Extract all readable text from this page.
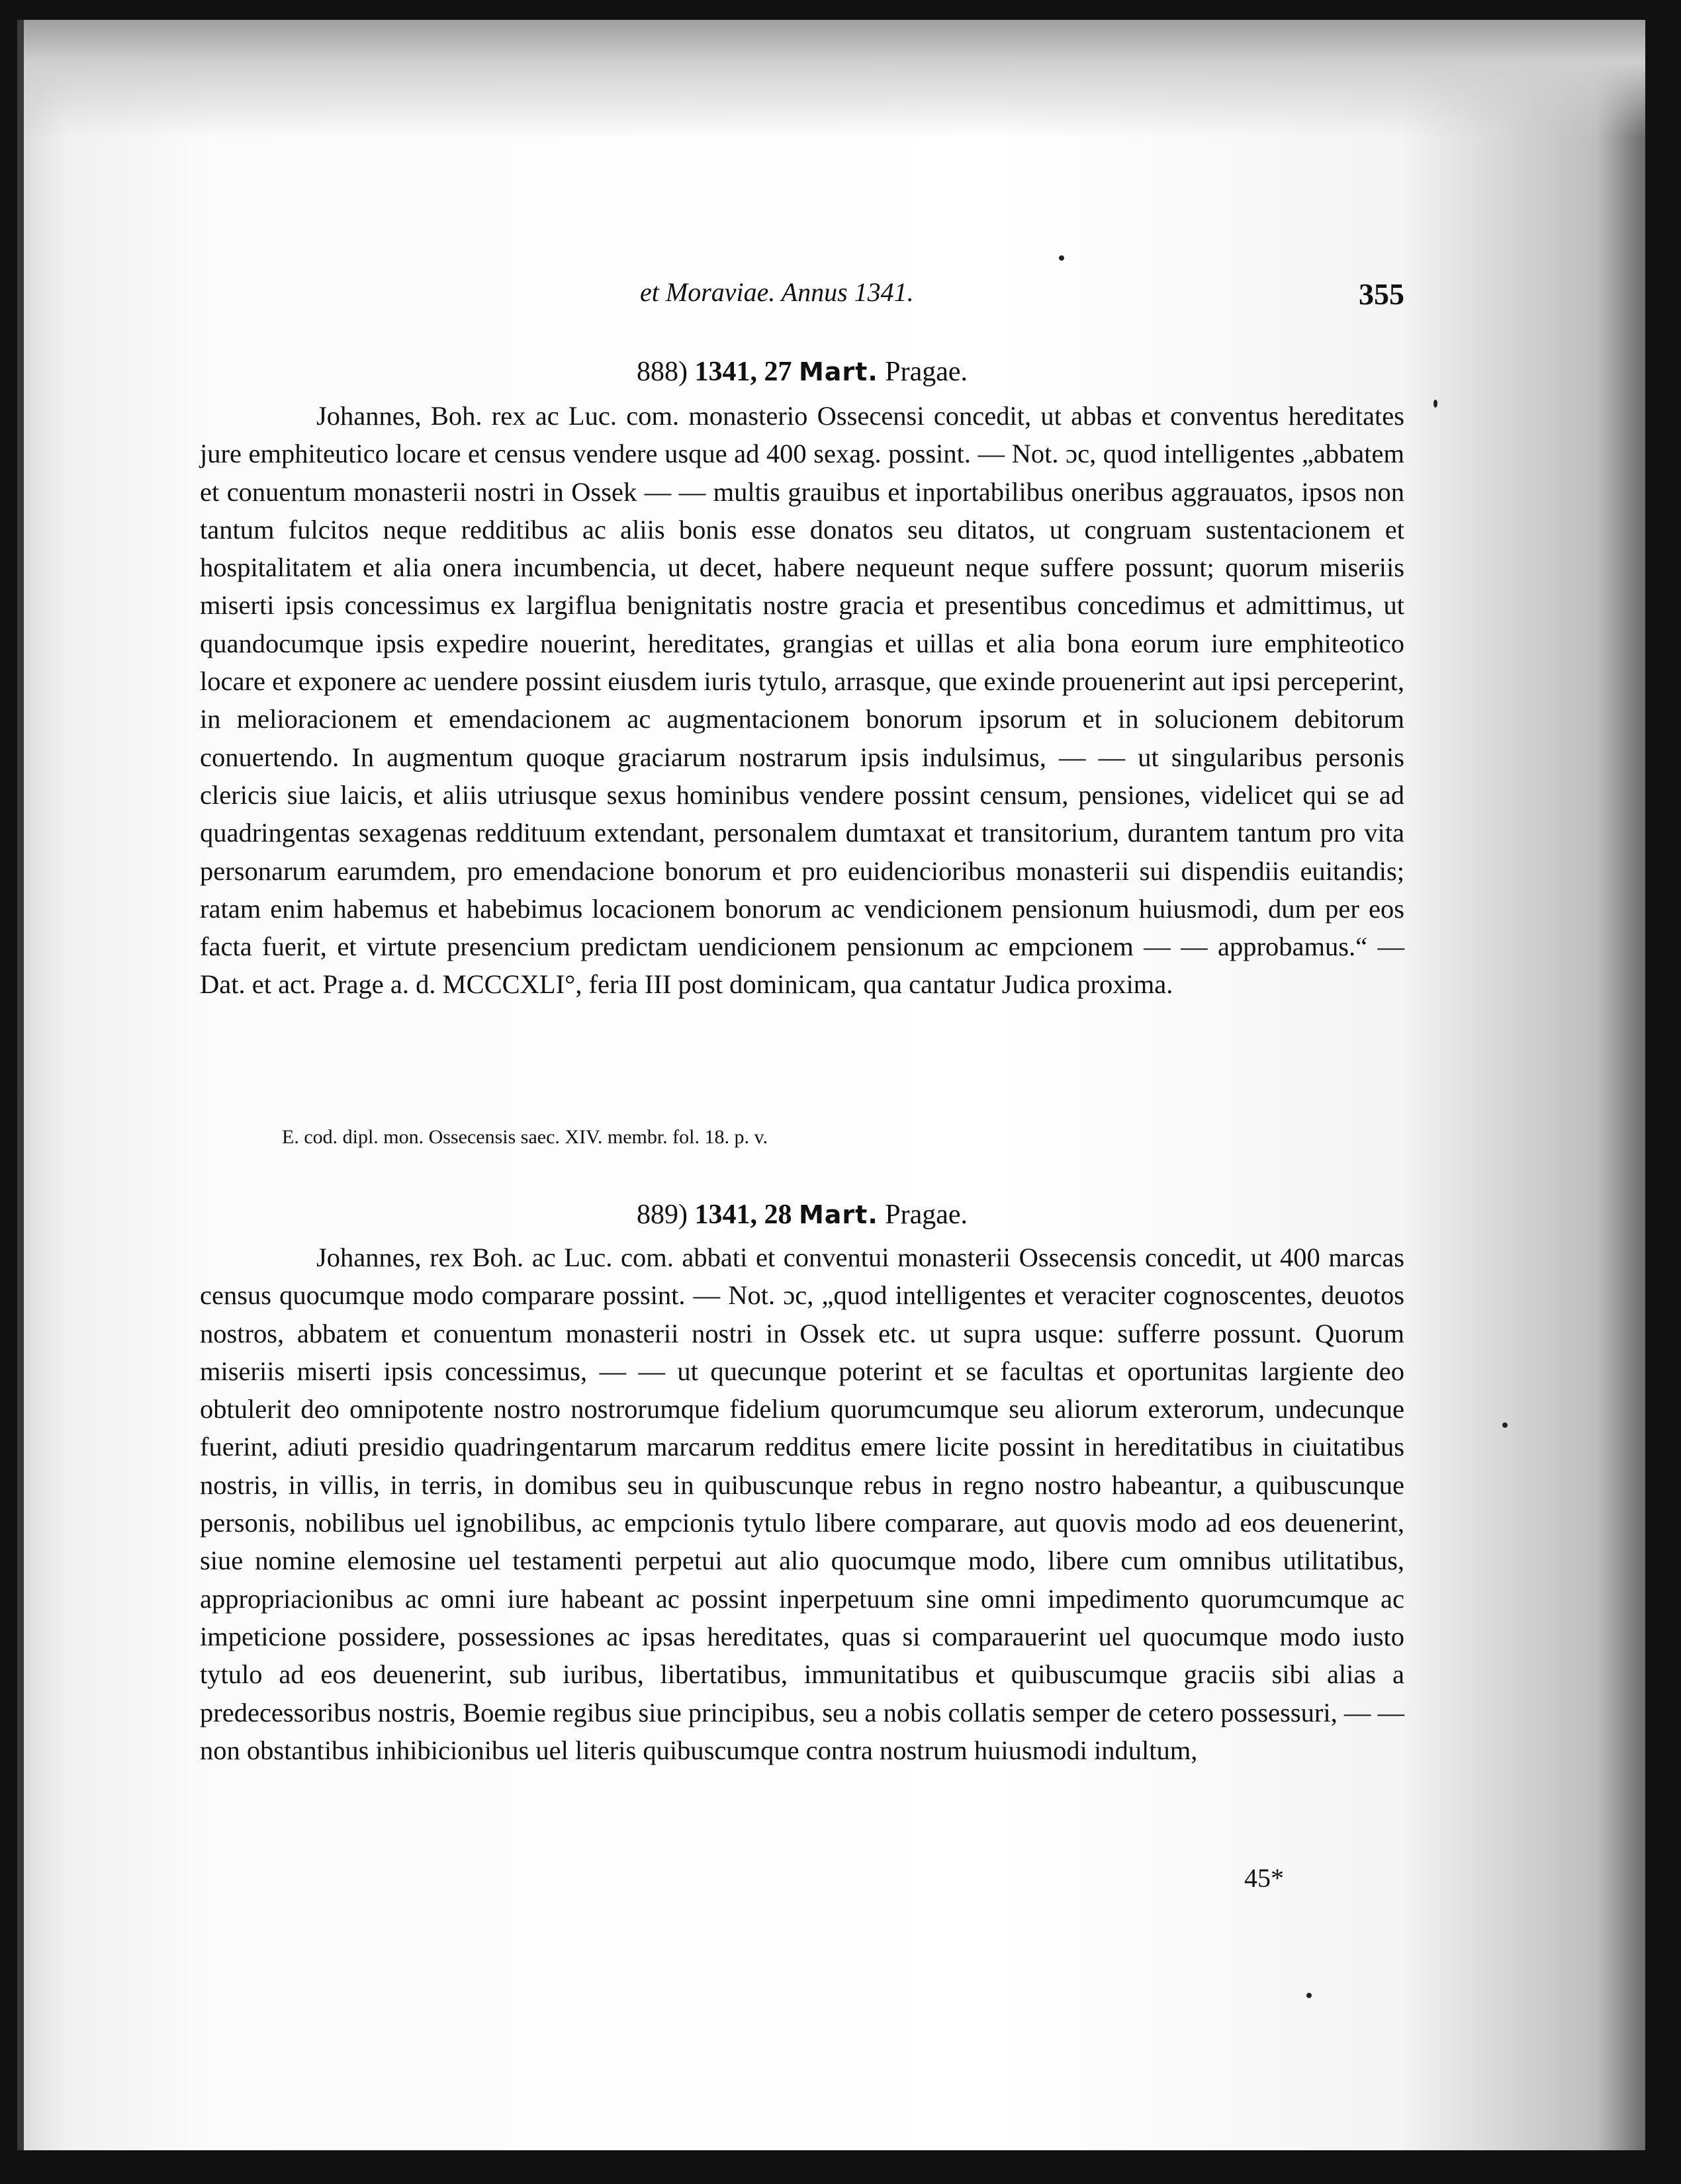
et Moraviae. Annus 1341.	355
888) 1341, 27 Mart. Pragae.

Johannes, Boh. rex ac Luc. com. monasterio Ossecensi concedit, ut abbas et conventus hereditates jure emphiteutico locare et census vendere usque ad 400 sexag. possint. — Not. ɔc, quod intelligentes „abbatem et conuentum monasterii nostri in Ossek — — multis grauibus et inportabilibus oneribus aggrauatos, ipsos non tantum fulcitos neque redditibus ac aliis bonis esse donatos seu ditatos, ut congruam sustentacionem et hospitalitatem et alia onera incumbencia, ut decet, habere nequeunt neque suffere possunt; quorum miseriis miserti ipsis concessimus ex largiflua benignitatis nostre gracia et presentibus concedimus et admittimus, ut quandocumque ipsis expedire nouerint, hereditates, grangias et uillas et alia bona eorum iure emphiteotico locare et exponere ac uendere possint eiusdem iuris tytulo, arrasque, que exinde prouenerint aut ipsi perceperint, in melioracionem et emendacionem ac augmentacionem bonorum ipsorum et in solucionem debitorum conuertendo. In augmentum quoque graciarum nostrarum ipsis indulsimus, — — ut singularibus personis clericis siue laicis, et aliis utriusque sexus hominibus vendere possint censum, pensiones, videlicet qui se ad quadringentas sexagenas reddituum extendant, personalem dumtaxat et transitorium, durantem tantum pro vita personarum earumdem, pro emendacione bonorum et pro euidencioribus monasterii sui dispendiis euitandis; ratam enim habemus et habebimus locacionem bonorum ac vendicionem pensionum huiusmodi, dum per eos facta fuerit, et virtute presencium predictam uendicionem pensionum ac empcionem — — approbamus.“ — Dat. et act. Prage a. d. MCCCXLI°, feria III post dominicam, qua cantatur Judica proxima.

E. cod. dipl. mon. Ossecensis saec. XIV. membr. fol. 18. p. v.
889) 1341, 28 Mart. Pragae.

Johannes, rex Boh. ac Luc. com. abbati et conventui monasterii Ossecensis concedit, ut 400 marcas census quocumque modo comparare possint. — Not. ɔc, „quod intelligentes et veraciter cognoscentes, deuotos nostros, abbatem et conuentum monasterii nostri in Ossek etc. ut supra usque: sufferre possunt. Quorum miseriis miserti ipsis concessimus, — — ut quecunque poterint et se facultas et oportunitas largiente deo obtulerit deo omnipotente nostro nostrorumque fidelium quorumcumque seu aliorum exterorum, undecunque fuerint, adiuti presidio quadringentarum marcarum redditus emere licite possint in hereditatibus in ciuitatibus nostris, in villis, in terris, in domibus seu in quibuscunque rebus in regno nostro habeantur, a quibuscunque personis, nobilibus uel ignobilibus, ac empcionis tytulo libere comparare, aut quovis modo ad eos deuenerint, siue nomine elemosine uel testamenti perpetui aut alio quocumque modo, libere cum omnibus utilitatibus, appropriacionibus ac omni iure habeant ac possint inperpetuum sine omni impedimento quorumcumque ac impeticione possidere, possessiones ac ipsas hereditates, quas si comparauerint uel quocumque modo iusto tytulo ad eos deuenerint, sub iuribus, libertatibus, immunitatibus et quibuscumque graciis sibi alias a predecessoribus nostris, Boemie regibus siue principibus, seu a nobis collatis semper de cetero possessuri, — — non obstantibus inhibicionibus uel literis quibuscumque contra nostrum huiusmodi indultum,

45*
